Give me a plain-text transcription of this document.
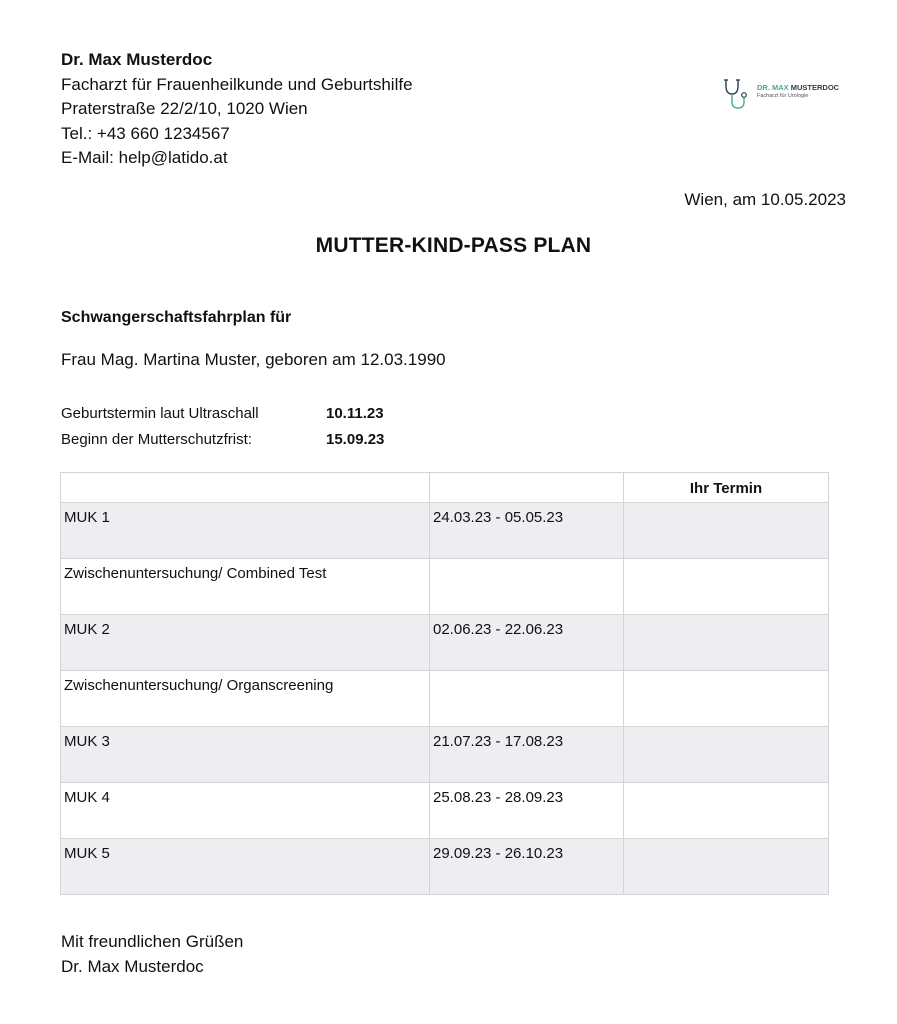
Dr. Max Musterdoc
Facharzt für Frauenheilkunde und Geburtshilfe
Praterstraße 22/2/10, 1020 Wien
Tel.: +43 660 1234567
E-Mail: help@latido.at
DR. MAX MUSTERDOC
Facharzt für Urologie
Wien, am 10.05.2023
MUTTER-KIND-PASS PLAN
Schwangerschaftsfahrplan für
Frau Mag. Martina Muster, geboren am 12.03.1990
Geburtstermin laut Ultraschall	10.11.23
Beginn der Mutterschutzfrist:	15.09.23
		Ihr Termin
MUK 1	24.03.23 - 05.05.23	
Zwischenuntersuchung/ Combined Test		
MUK 2	02.06.23 - 22.06.23	
Zwischenuntersuchung/ Organscreening		
MUK 3	21.07.23 - 17.08.23	
MUK 4	25.08.23 - 28.09.23	
MUK 5	29.09.23 - 26.10.23	
Mit freundlichen Grüßen
Dr. Max Musterdoc
